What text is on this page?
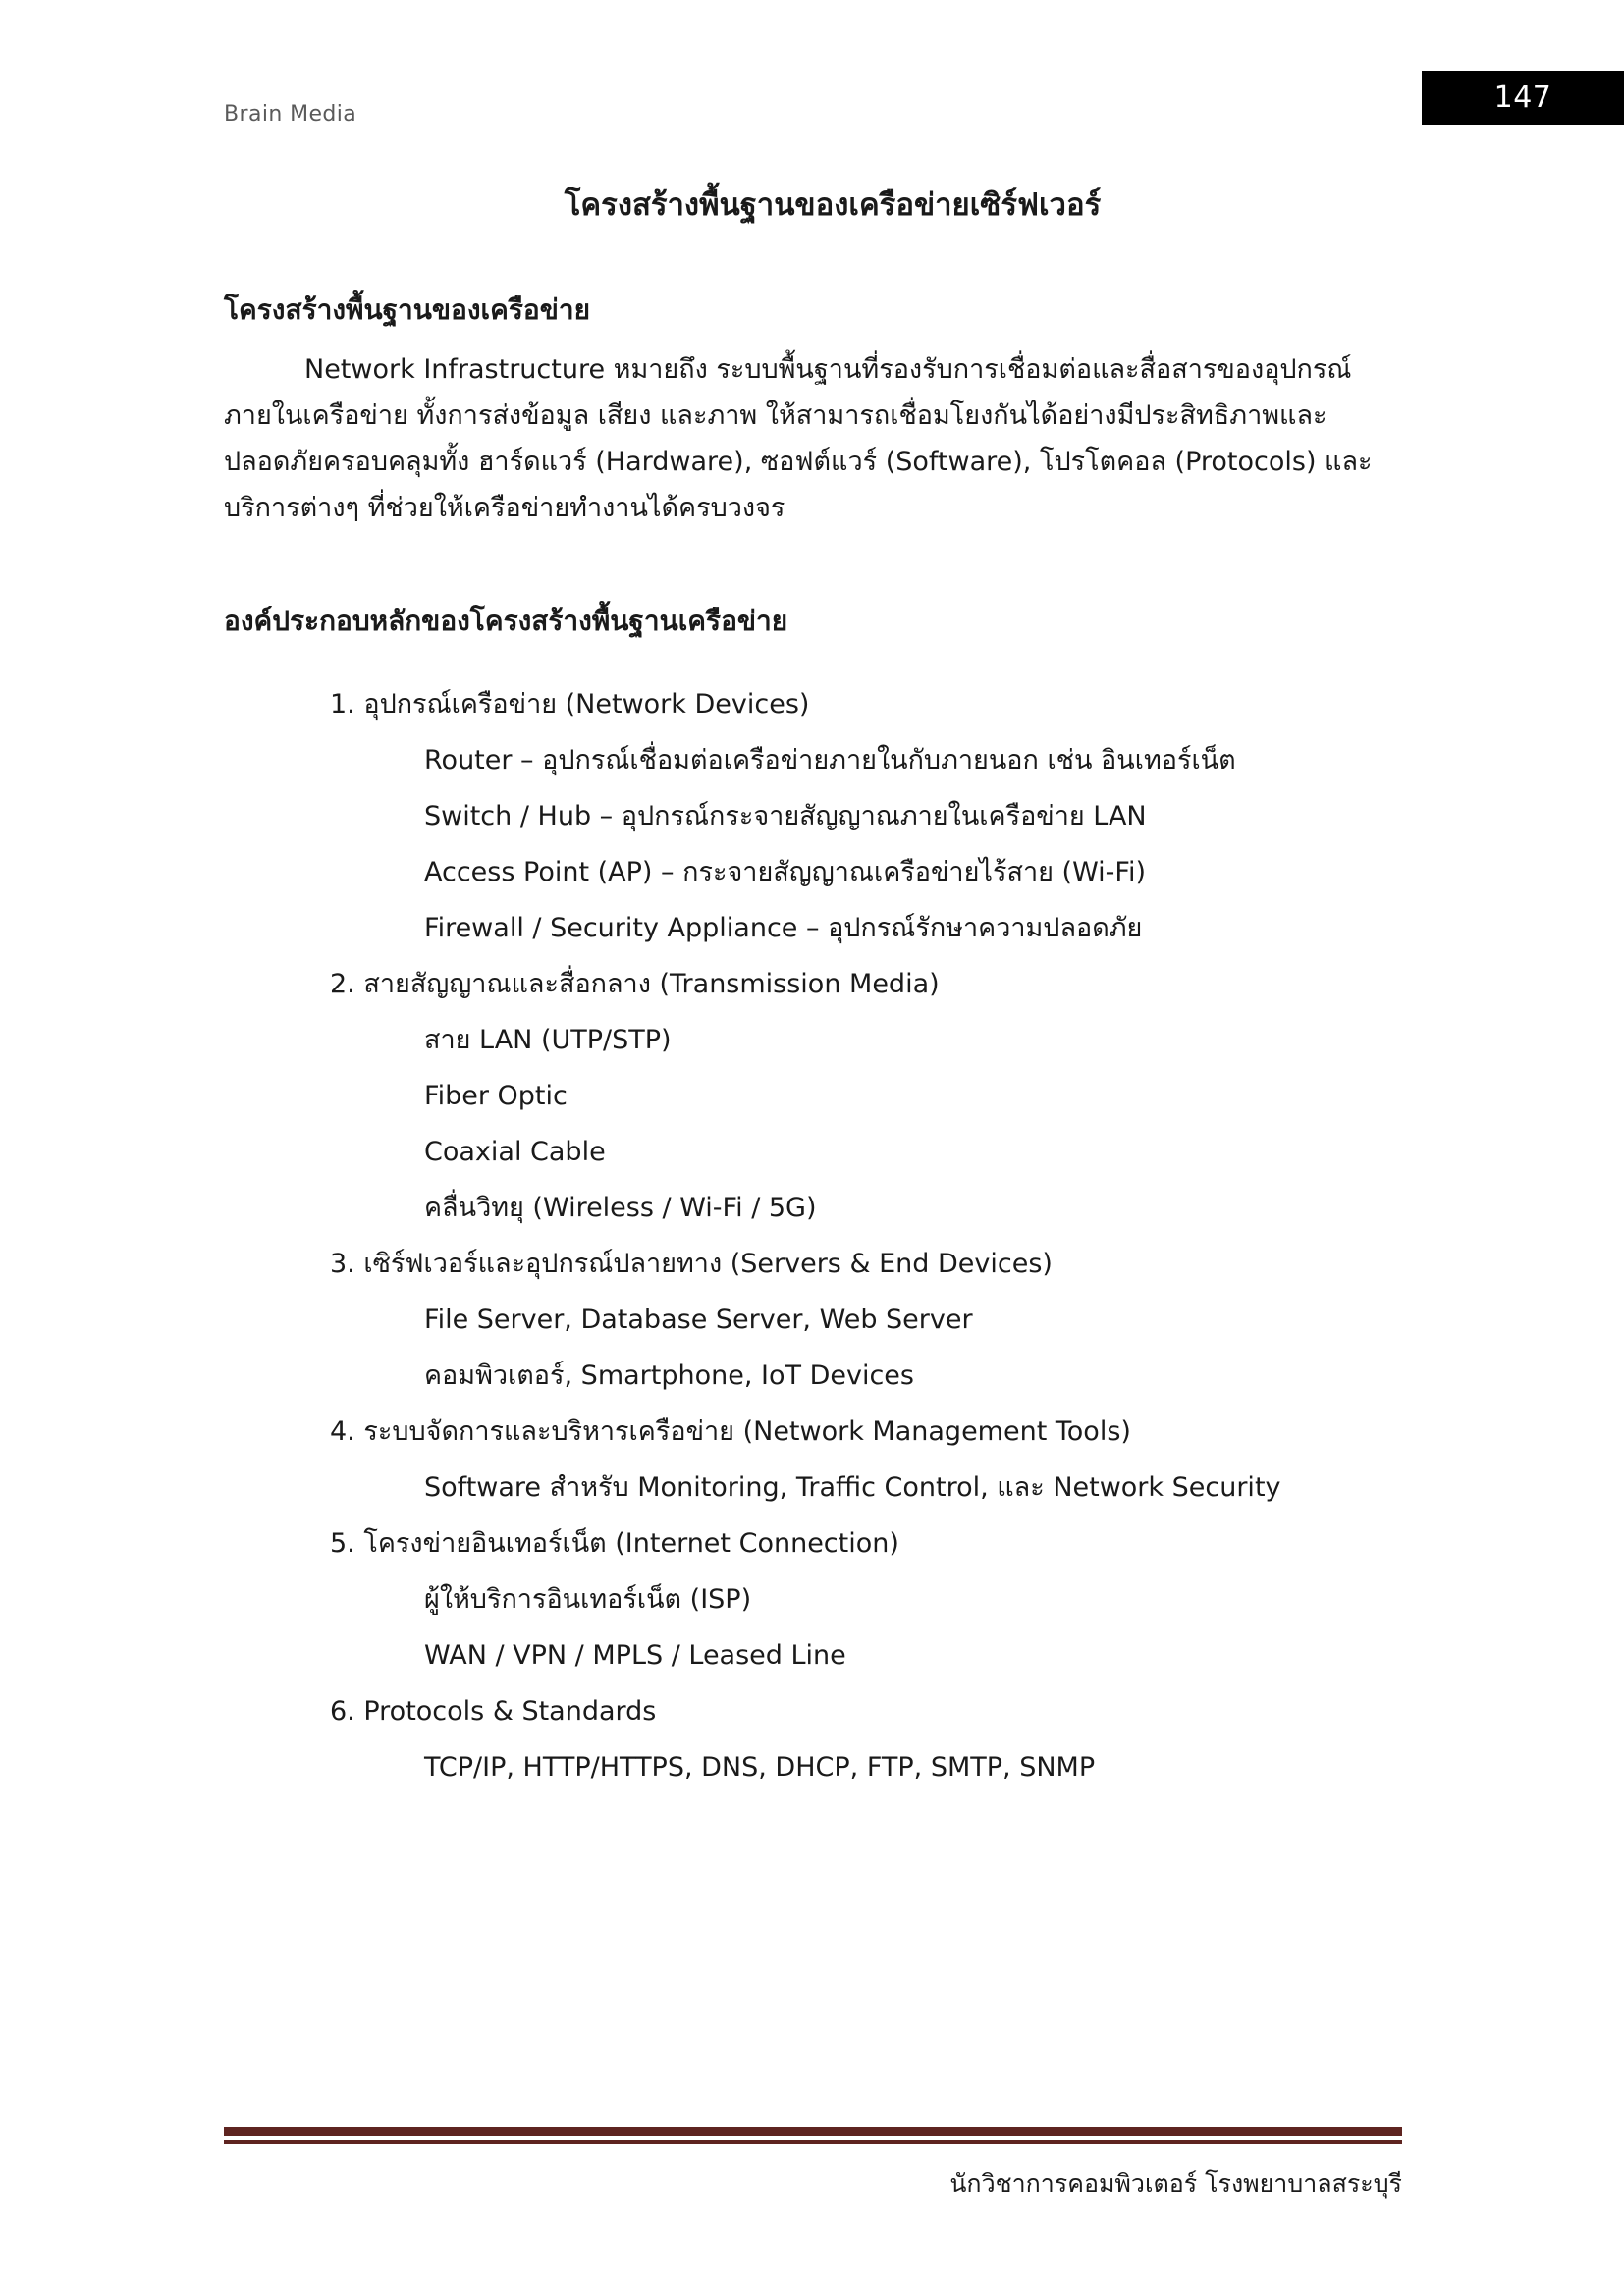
Brain Media	147
โครงสร้างพื้นฐานของเครือข่ายเซิร์ฟเวอร์
โครงสร้างพื้นฐานของเครือข่าย

Network Infrastructure หมายถึง ระบบพื้นฐานที่รองรับการเชื่อมต่อและสื่อสารของอุปกรณ์

ภายในเครือข่าย ทั้งการส่งข้อมูล เสียง และภาพ ให้สามารถเชื่อมโยงกันได้อย่างมีประสิทธิภาพและ

ปลอดภัยครอบคลุมทั้ง ฮาร์ดแวร์ (Hardware), ซอฟต์แวร์ (Software), โปรโตคอล (Protocols) และ

บริการต่างๆ ที่ช่วยให้เครือข่ายทำงานได้ครบวงจร

องค์ประกอบหลักของโครงสร้างพื้นฐานเครือข่าย
1. อุปกรณ์เครือข่าย (Network Devices)
Router – อุปกรณ์เชื่อมต่อเครือข่ายภายในกับภายนอก เช่น อินเทอร์เน็ต
Switch / Hub – อุปกรณ์กระจายสัญญาณภายในเครือข่าย LAN
Access Point (AP) – กระจายสัญญาณเครือข่ายไร้สาย (Wi-Fi)
Firewall / Security Appliance – อุปกรณ์รักษาความปลอดภัย
2. สายสัญญาณและสื่อกลาง (Transmission Media)
สาย LAN (UTP/STP)
Fiber Optic
Coaxial Cable
คลื่นวิทยุ (Wireless / Wi-Fi / 5G)
3. เซิร์ฟเวอร์และอุปกรณ์ปลายทาง (Servers & End Devices)
File Server, Database Server, Web Server
คอมพิวเตอร์, Smartphone, IoT Devices
4. ระบบจัดการและบริหารเครือข่าย (Network Management Tools)
Software สำหรับ Monitoring, Traffic Control, และ Network Security
5. โครงข่ายอินเทอร์เน็ต (Internet Connection)
ผู้ให้บริการอินเทอร์เน็ต (ISP)
WAN / VPN / MPLS / Leased Line
6. Protocols & Standards
TCP/IP, HTTP/HTTPS, DNS, DHCP, FTP, SMTP, SNMP
นักวิชาการคอมพิวเตอร์ โรงพยาบาลสระบุรี
